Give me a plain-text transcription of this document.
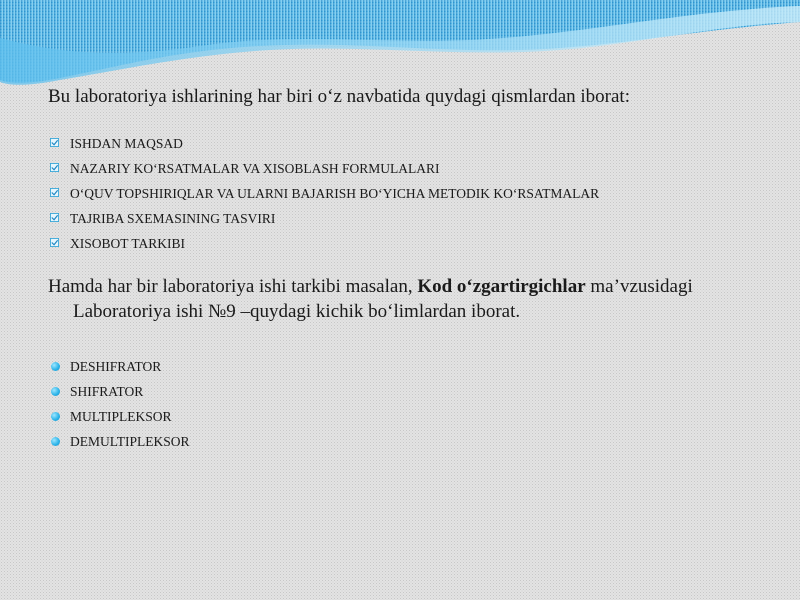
Bu laboratoriya ishlarining har biri o‘z navbatida quydagi qismlardan iborat:

ISHDAN MAQSAD
NAZARIY KO‘RSATMALAR VA XISOBLASH FORMULALARI
O‘QUV TOPSHIRIQLAR VA ULARNI BAJARISH BO‘YICHA METODIK KO‘RSATMALAR
TAJRIBA SXEMASINING TASVIRI
XISOBOT TARKIBI

Hamda har bir laboratoriya ishi tarkibi masalan, Kod o‘zgartirgichlar ma’vzusidagi Laboratoriya ishi №9 –quydagi kichik bo‘limlardan iborat.

DESHIFRATOR
SHIFRATOR
MULTIPLEKSOR
DEMULTIPLEKSOR
